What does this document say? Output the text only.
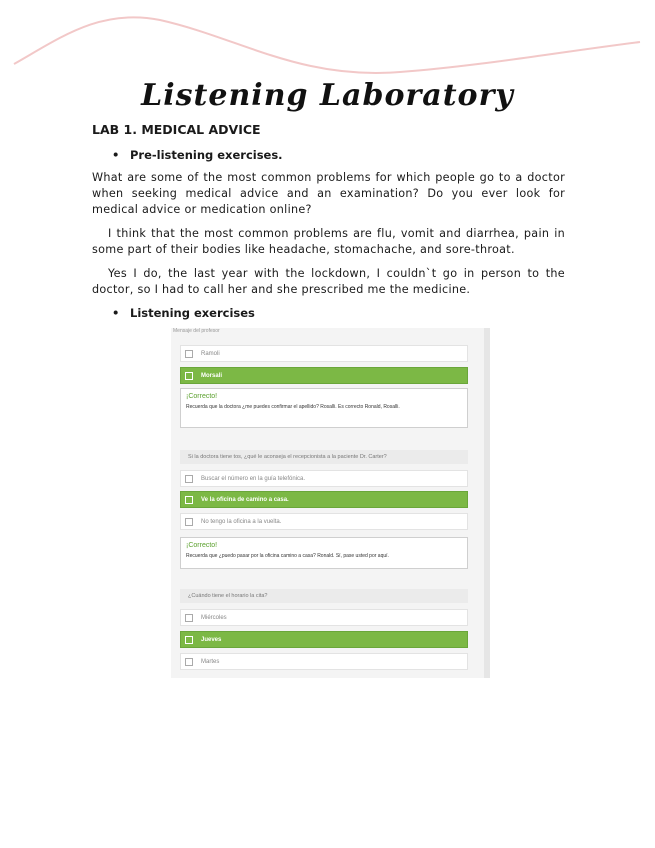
Listening Laboratory
LAB 1. MEDICAL ADVICE
• Pre-listening exercises.
What are some of the most common problems for which people go to a doctor when seeking medical advice and an examination? Do you ever look for medical advice or medication online?
I think that the most common problems are flu, vomit and diarrhea, pain in some part of their bodies like headache, stomachache, and sore-throat.
Yes I do, the last year with the lockdown, I couldn`t go in person to the doctor, so I had to call her and she prescribed me the medicine.
• Listening exercises
Mensaje del profesor
Ramoli
Morsali
¡Correcto!
Recuerda que la doctora ¿me puedes confirmar el apellido? Rosalli. Es correcto Ronald, Rosalli.
Si la doctora tiene tos, ¿qué le aconseja el recepcionista a la paciente Dr. Carter?
Buscar el número en la guía telefónica.
Ve la oficina de camino a casa.
No tengo la oficina a la vuelta.
¡Correcto!
Recuerda que ¿puedo pasar por la oficina camino a casa? Ronald. Sí, pase usted por aquí.
¿Cuándo tiene el horario la cita?
Miércoles
Jueves
Martes
